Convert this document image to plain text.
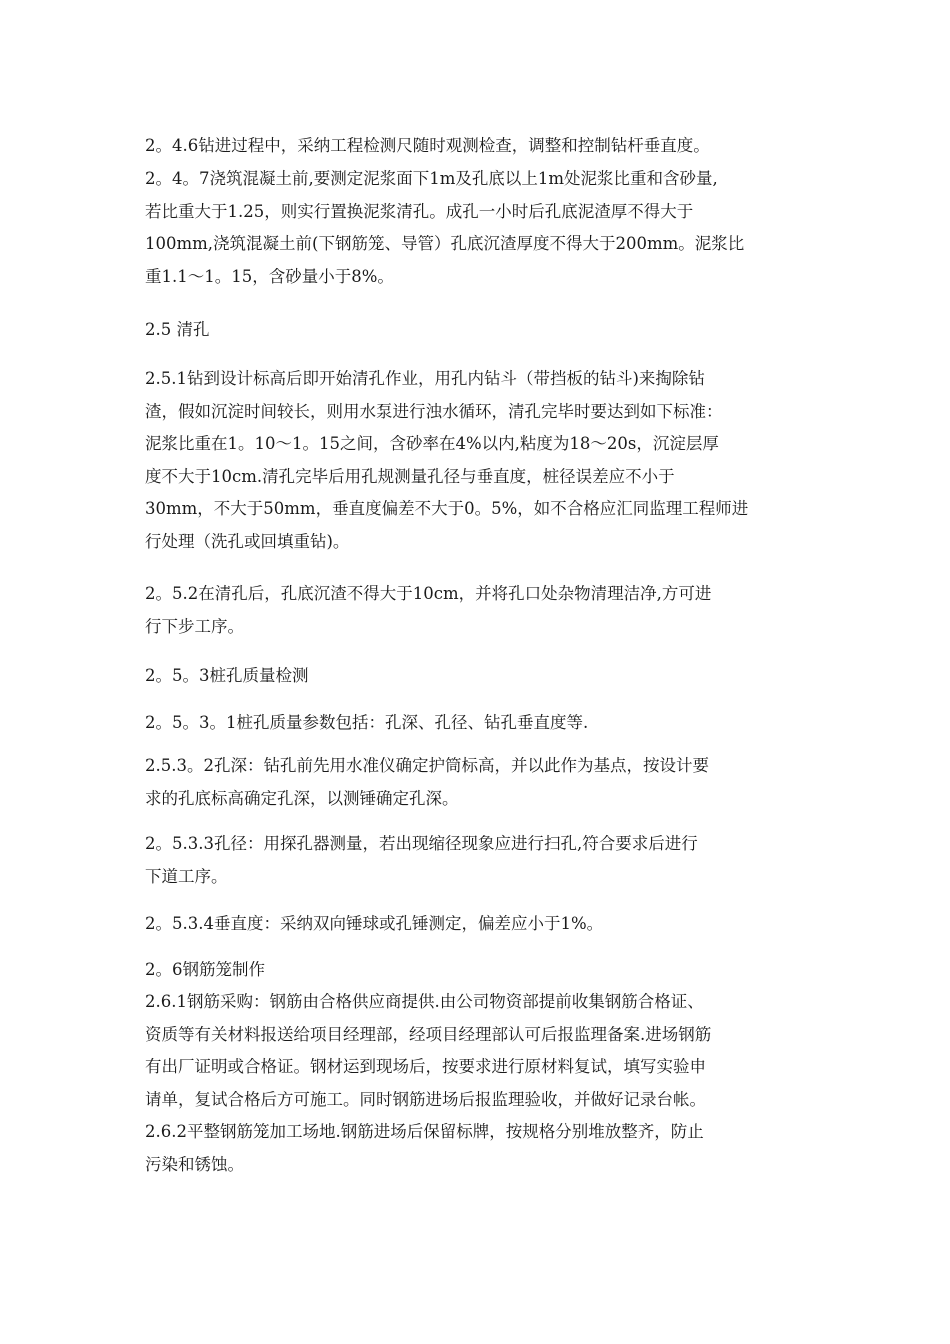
2。4.6钻进过程中，采纳工程检测尺随时观测检查，调整和控制钻杆垂直度。

2。4。7浇筑混凝土前,要测定泥浆面下1m及孔底以上1m处泥浆比重和含砂量,
若比重大于1.25，则实行置换泥浆清孔。成孔一小时后孔底泥渣厚不得大于
100mm,浇筑混凝土前(下钢筋笼、导管）孔底沉渣厚度不得大于200mm。泥浆比
重1.1～1。15，含砂量小于8%。

2.5 清孔

2.5.1钻到设计标高后即开始清孔作业，用孔内钻斗（带挡板的钻斗)来掏除钻
渣，假如沉淀时间较长，则用水泵进行浊水循环，清孔完毕时要达到如下标准：
泥浆比重在1。10～1。15之间，含砂率在4%以内,粘度为18～20s，沉淀层厚
度不大于10cm.清孔完毕后用孔规测量孔径与垂直度，桩径误差应不小于
30mm，不大于50mm，垂直度偏差不大于0。5%，如不合格应汇同监理工程师进
行处理（洗孔或回填重钻)。

2。5.2在清孔后，孔底沉渣不得大于10cm，并将孔口处杂物清理洁净,方可进
行下步工序。

2。5。3桩孔质量检测

2。5。3。1桩孔质量参数包括：孔深、孔径、钻孔垂直度等.

2.5.3。2孔深：钻孔前先用水准仪确定护筒标高，并以此作为基点，按设计要
求的孔底标高确定孔深，以测锤确定孔深。

2。5.3.3孔径：用探孔器测量，若出现缩径现象应进行扫孔,符合要求后进行
下道工序。

2。5.3.4垂直度：采纳双向锤球或孔锤测定，偏差应小于1%。

2。6钢筋笼制作

2.6.1钢筋采购：钢筋由合格供应商提供.由公司物资部提前收集钢筋合格证、
资质等有关材料报送给项目经理部，经项目经理部认可后报监理备案.进场钢筋
有出厂证明或合格证。钢材运到现场后，按要求进行原材料复试，填写实验申
请单，复试合格后方可施工。同时钢筋进场后报监理验收，并做好记录台帐。
2.6.2平整钢筋笼加工场地.钢筋进场后保留标牌，按规格分别堆放整齐，防止
污染和锈蚀。
